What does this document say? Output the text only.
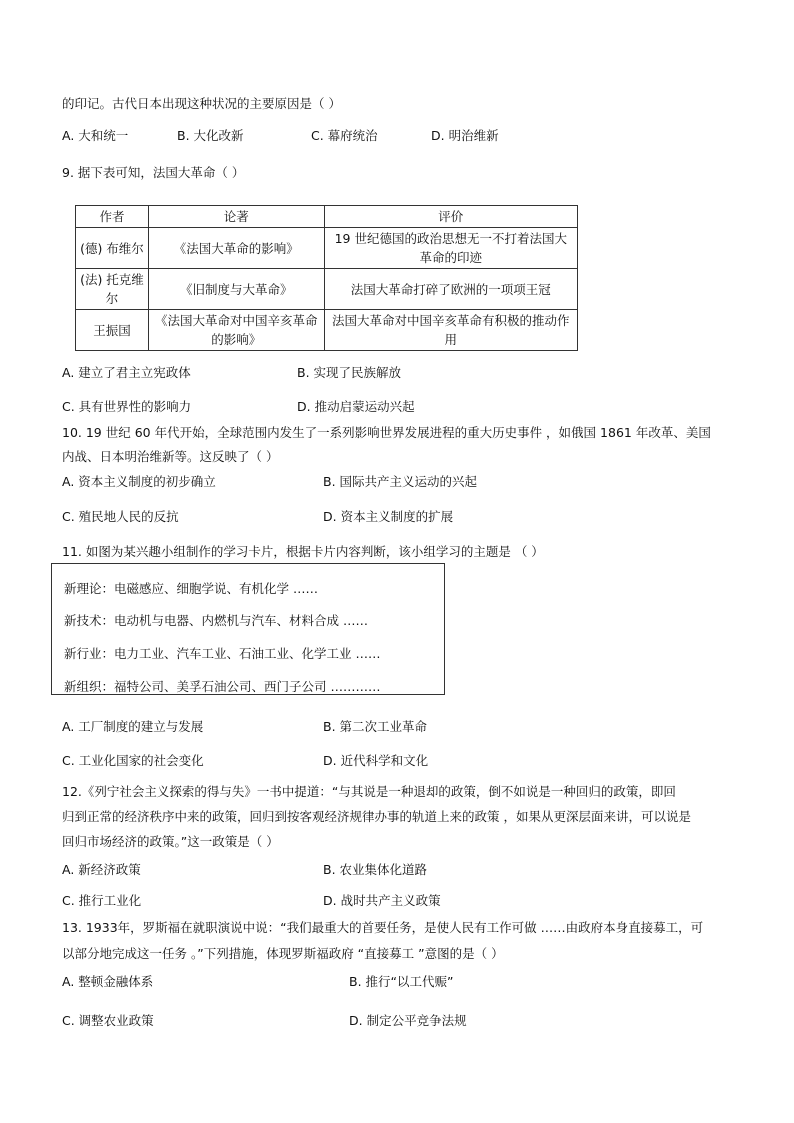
的印记。古代日本出现这种状况的主要原因是（ ）
A. 大和统一	B. 大化改新	C. 幕府统治	D. 明治维新
9. 据下表可知，法国大革命（ ）
作者	论著	评价
(德) 布维尔	《法国大革命的影响》	19 世纪德国的政治思想无一不打着法国大革命的印迹
(法) 托克维尔	《旧制度与大革命》	法国大革命打碎了欧洲的一项项王冠
王振国	《法国大革命对中国辛亥革命的影响》	法国大革命对中国辛亥革命有积极的推动作用
A. 建立了君主立宪政体	B. 实现了民族解放
C. 具有世界性的影响力	D. 推动启蒙运动兴起
10. 19 世纪 60 年代开始，全球范围内发生了一系列影响世界发展进程的重大历史事件 ，如俄国 1861 年改革、美国
内战、日本明治维新等。这反映了（ ）
A. 资本主义制度的初步确立	B. 国际共产主义运动的兴起
C. 殖民地人民的反抗	D. 资本主义制度的扩展
11. 如图为某兴趣小组制作的学习卡片，根据卡片内容判断，该小组学习的主题是 （ ）
新理论：电磁感应、细胞学说、有机化学 ……
新技术：电动机与电器、内燃机与汽车、材料合成 ……
新行业：电力工业、汽车工业、石油工业、化学工业 ……
新组织：福特公司、美孚石油公司、西门子公司 …………
A. 工厂制度的建立与发展	B. 第二次工业革命
C. 工业化国家的社会变化	D. 近代科学和文化
12.《列宁社会主义探索的得与失》一书中提道：“与其说是一种退却的政策，倒不如说是一种回归的政策，即回
归到正常的经济秩序中来的政策，回归到按客观经济规律办事的轨道上来的政策 ，如果从更深层面来讲，可以说是
回归市场经济的政策。”这一政策是（ ）
A. 新经济政策	B. 农业集体化道路
C. 推行工业化	D. 战时共产主义政策
13. 1933年，罗斯福在就职演说中说：“我们最重大的首要任务，是使人民有工作可做 ……由政府本身直接募工，可
以部分地完成这一任务 。”下列措施，体现罗斯福政府 “直接募工 ”意图的是（ ）
A. 整顿金融体系	B. 推行“以工代赈”
C. 调整农业政策	D. 制定公平竞争法规
